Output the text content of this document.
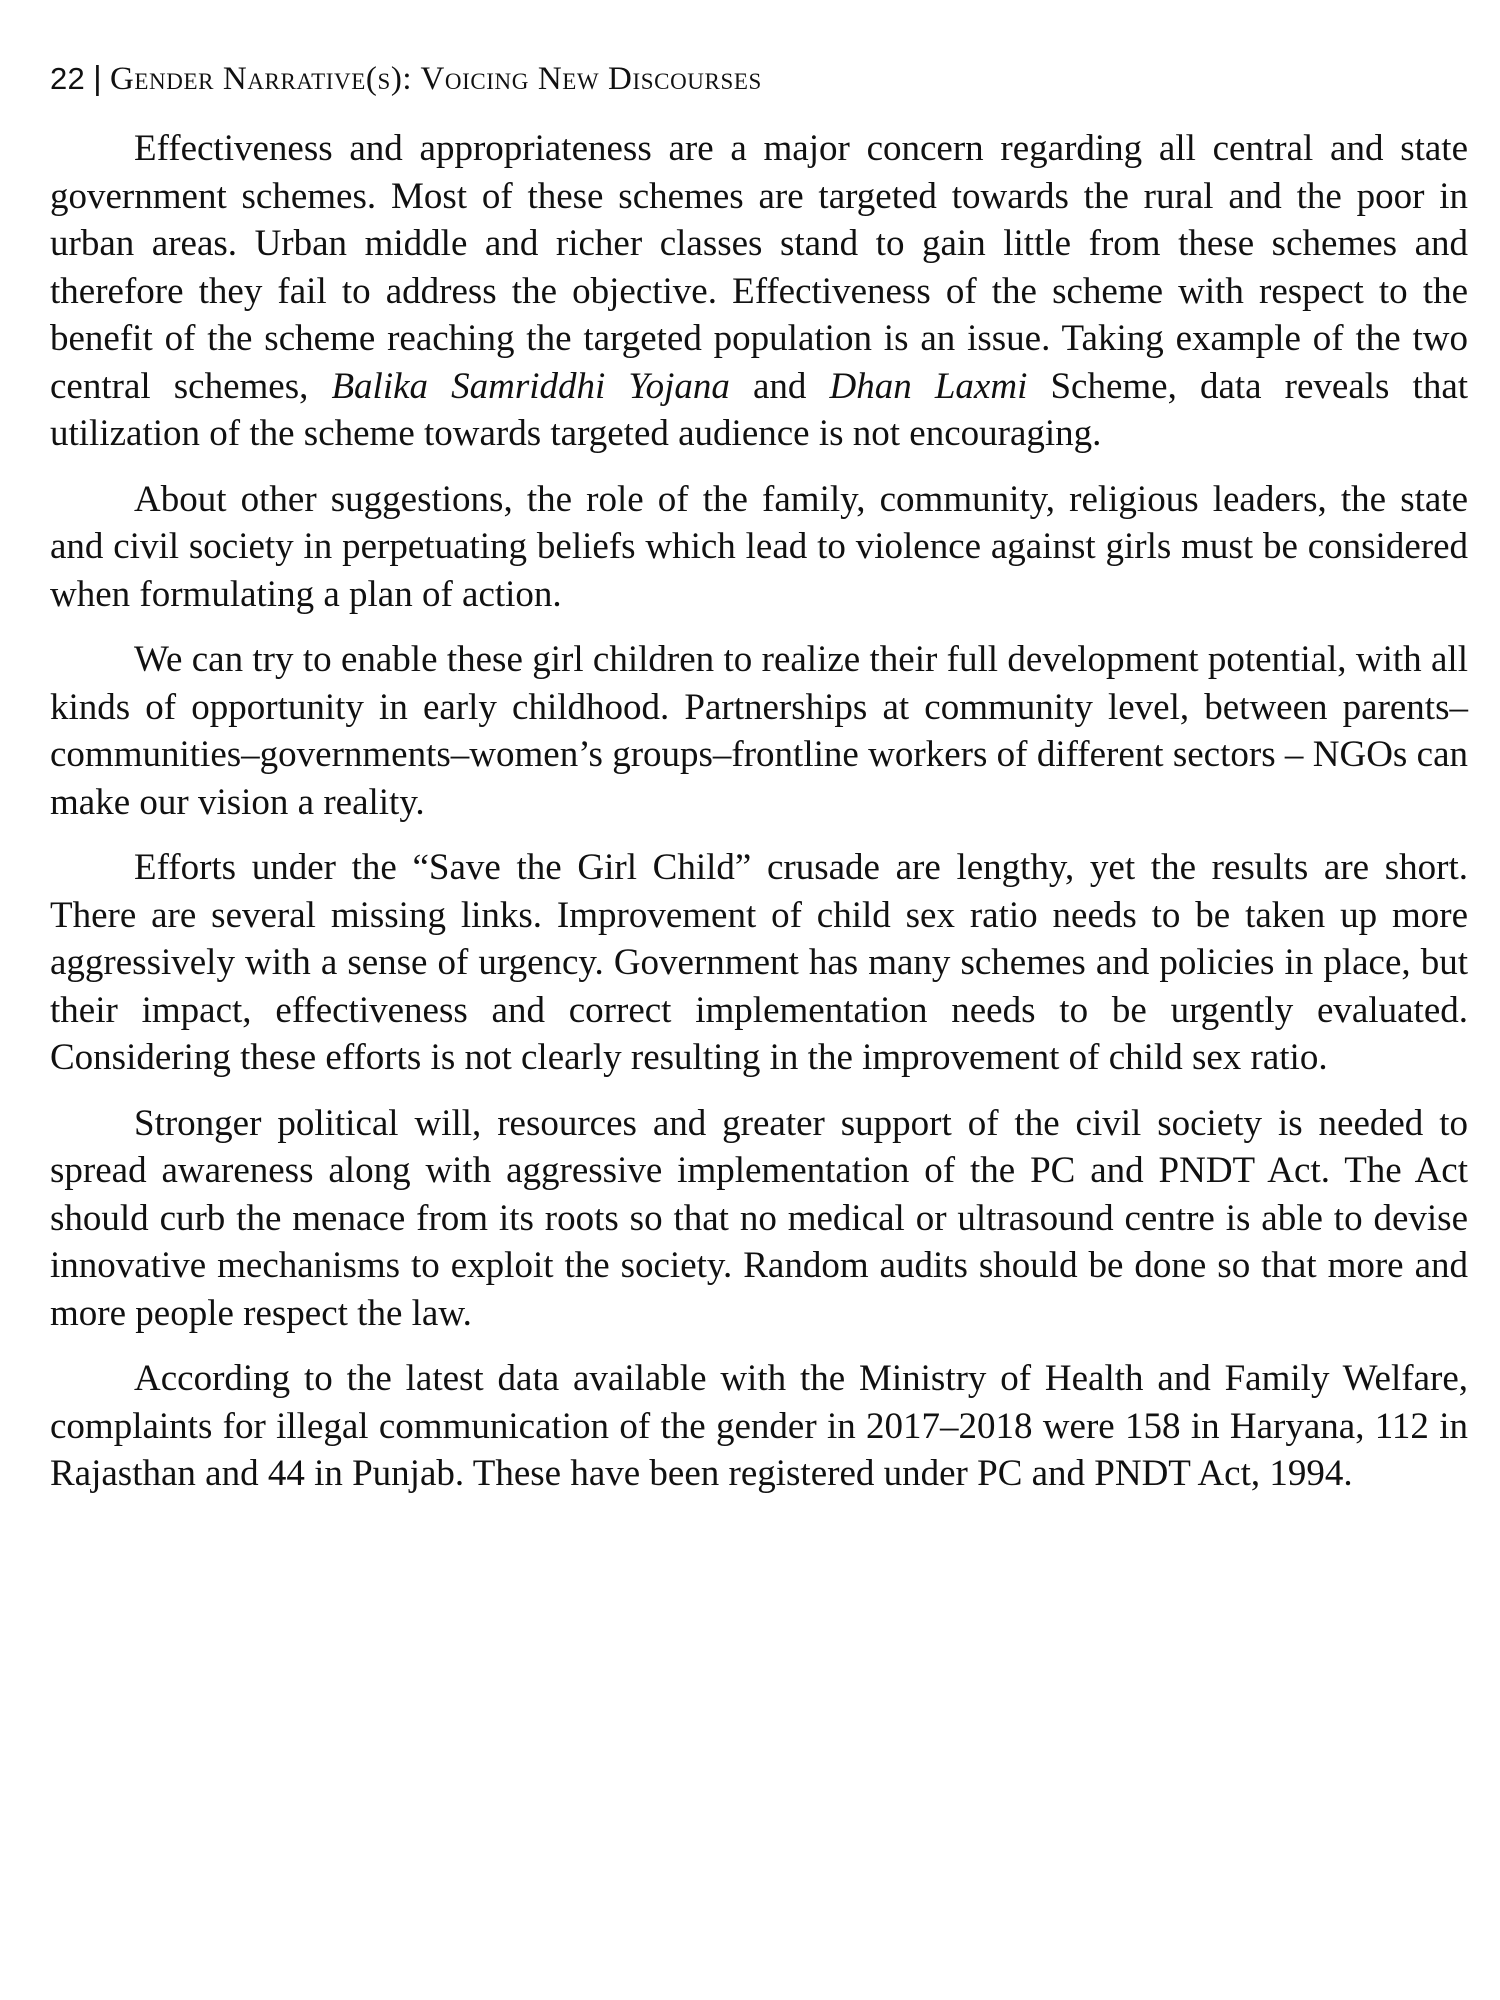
22 | Gender Narrative(s): Voicing New Discourses

Effectiveness and appropriateness are a major concern regarding all central and state government schemes. Most of these schemes are targeted towards the rural and the poor in urban areas. Urban middle and richer classes stand to gain little from these schemes and therefore they fail to address the objective. Effectiveness of the scheme with respect to the benefit of the scheme reaching the targeted population is an issue. Taking example of the two central schemes, Balika Samriddhi Yojana and Dhan Laxmi Scheme, data reveals that utilization of the scheme towards targeted audience is not encouraging.

About other suggestions, the role of the family, community, religious leaders, the state and civil society in perpetuating beliefs which lead to violence against girls must be considered when formulating a plan of action.

We can try to enable these girl children to realize their full development potential, with all kinds of opportunity in early childhood. Partnerships at community level, between parents–communities–governments–women’s groups–frontline workers of different sectors – NGOs can make our vision a reality.

Efforts under the “Save the Girl Child” crusade are lengthy, yet the results are short. There are several missing links. Improvement of child sex ratio needs to be taken up more aggressively with a sense of urgency. Government has many schemes and policies in place, but their impact, effectiveness and correct implementation needs to be urgently evaluated. Considering these efforts is not clearly resulting in the improvement of child sex ratio.

Stronger political will, resources and greater support of the civil society is needed to spread awareness along with aggressive implementation of the PC and PNDT Act. The Act should curb the menace from its roots so that no medical or ultrasound centre is able to devise innovative mechanisms to exploit the society. Random audits should be done so that more and more people respect the law.

According to the latest data available with the Ministry of Health and Family Welfare, complaints for illegal communication of the gender in 2017–2018 were 158 in Haryana, 112 in Rajasthan and 44 in Punjab. These have been registered under PC and PNDT Act, 1994.
